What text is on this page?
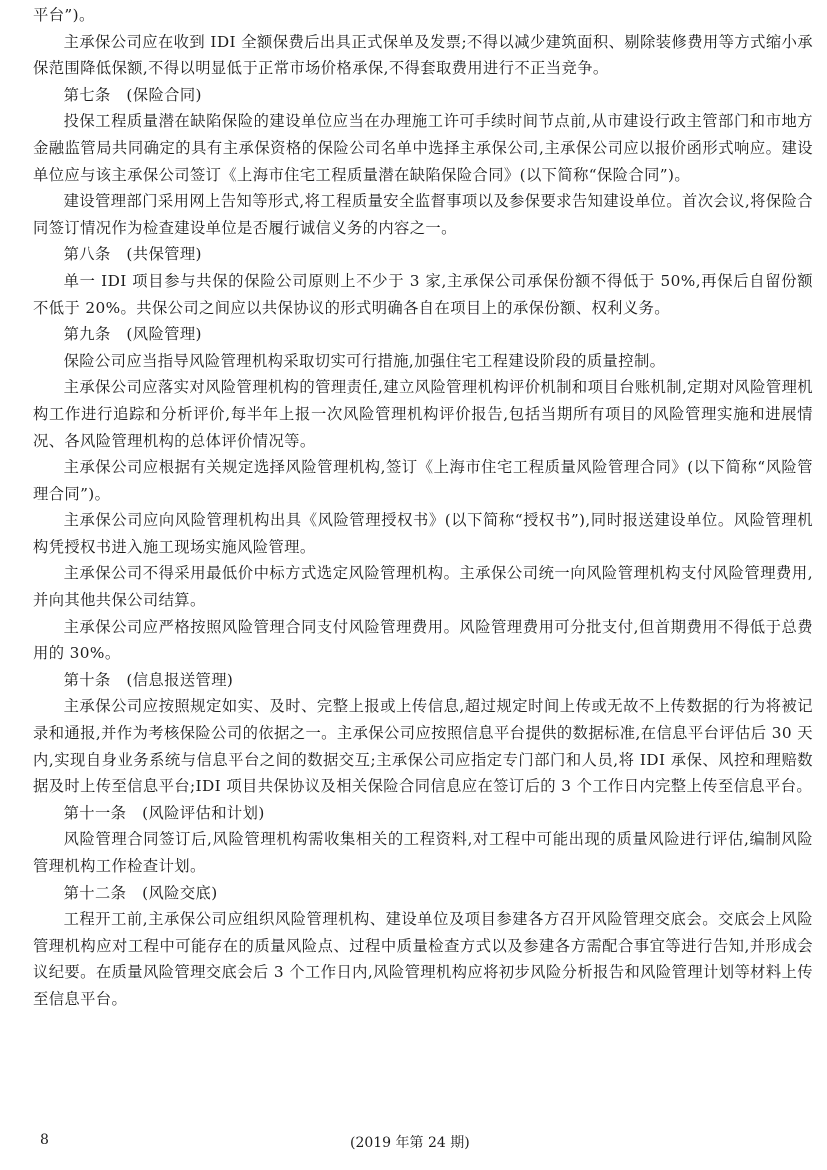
平台”)。

主承保公司应在收到 IDI 全额保费后出具正式保单及发票;不得以减少建筑面积、剔除装修费用等方式缩小承保范围降低保额,不得以明显低于正常市场价格承保,不得套取费用进行不正当竞争。

第七条　(保险合同)

投保工程质量潜在缺陷保险的建设单位应当在办理施工许可手续时间节点前,从市建设行政主管部门和市地方金融监管局共同确定的具有主承保资格的保险公司名单中选择主承保公司,主承保公司应以报价函形式响应。建设单位应与该主承保公司签订《上海市住宅工程质量潜在缺陷保险合同》(以下简称“保险合同”)。

建设管理部门采用网上告知等形式,将工程质量安全监督事项以及参保要求告知建设单位。首次会议,将保险合同签订情况作为检查建设单位是否履行诚信义务的内容之一。

第八条　(共保管理)

单一 IDI 项目参与共保的保险公司原则上不少于 3 家,主承保公司承保份额不得低于 50%,再保后自留份额不低于 20%。共保公司之间应以共保协议的形式明确各自在项目上的承保份额、权利义务。

第九条　(风险管理)

保险公司应当指导风险管理机构采取切实可行措施,加强住宅工程建设阶段的质量控制。

主承保公司应落实对风险管理机构的管理责任,建立风险管理机构评价机制和项目台账机制,定期对风险管理机构工作进行追踪和分析评价,每半年上报一次风险管理机构评价报告,包括当期所有项目的风险管理实施和进展情况、各风险管理机构的总体评价情况等。

主承保公司应根据有关规定选择风险管理机构,签订《上海市住宅工程质量风险管理合同》(以下简称“风险管理合同”)。

主承保公司应向风险管理机构出具《风险管理授权书》(以下简称“授权书”),同时报送建设单位。风险管理机构凭授权书进入施工现场实施风险管理。

主承保公司不得采用最低价中标方式选定风险管理机构。主承保公司统一向风险管理机构支付风险管理费用,并向其他共保公司结算。

主承保公司应严格按照风险管理合同支付风险管理费用。风险管理费用可分批支付,但首期费用不得低于总费用的 30%。

第十条　(信息报送管理)

主承保公司应按照规定如实、及时、完整上报或上传信息,超过规定时间上传或无故不上传数据的行为将被记录和通报,并作为考核保险公司的依据之一。主承保公司应按照信息平台提供的数据标准,在信息平台评估后 30 天内,实现自身业务系统与信息平台之间的数据交互;主承保公司应指定专门部门和人员,将 IDI 承保、风控和理赔数据及时上传至信息平台;IDI 项目共保协议及相关保险合同信息应在签订后的 3 个工作日内完整上传至信息平台。

第十一条　(风险评估和计划)

风险管理合同签订后,风险管理机构需收集相关的工程资料,对工程中可能出现的质量风险进行评估,编制风险管理机构工作检查计划。

第十二条　(风险交底)

工程开工前,主承保公司应组织风险管理机构、建设单位及项目参建各方召开风险管理交底会。交底会上风险管理机构应对工程中可能存在的质量风险点、过程中质量检查方式以及参建各方需配合事宜等进行告知,并形成会议纪要。在质量风险管理交底会后 3 个工作日内,风险管理机构应将初步风险分析报告和风险管理计划等材料上传至信息平台。

8	(2019 年第 24 期)
